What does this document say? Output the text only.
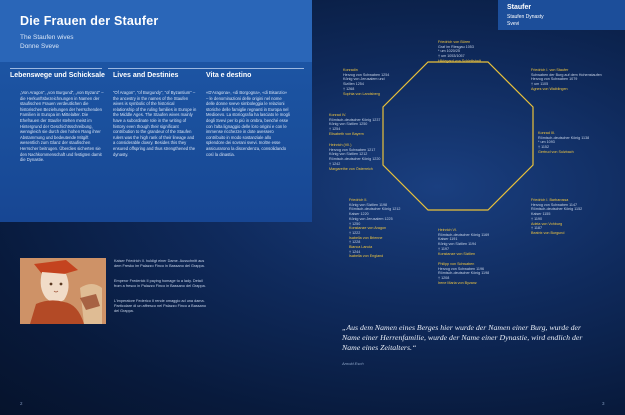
Die Frauen der Staufer
The Staufen wives
Donne Sveve
Lebenswege und Schicksale Lives and Destinies	Vita e destino
„Von Aragon“, „von Burgund“, „von Byzanz“ – die Herkunftsbezeichnungen in Namen der staufischen Frauen verdeutlichen die historischen Beziehungen der herrschenden Familien in Europa im Mittelalter. Die Ehefrauen der Staufer stehen meist im Hintergrund der Geschichtsschreibung, wenngleich sie durch den hohen Rang ihrer Abstammung und bedeutende Mitgift wesentlich zum Glanz der staufischen Herrscher beitrugen. Überdies sicherten sie den Nachkommenschaft und festigten damit die Dynastie.
“Of Aragon”, “of Burgundy”, “of Byzantium” – the ancestry in the names of the Staufen wives is symbolic of the historical relationship of the ruling families in Europe in the Middle Ages. The Staufen wives mainly have a subordinate role in the writing of history even though their significant contribution to the grandeur of the Staufen rulers was the high rank of their lineage and a considerable dowry. Besides this they ensured offspring and thus strengthened the dynasty.
«D'Aragona», «di Borgogna», «di Bisanzio» – le denominazioni delle origini nel nome delle donne sveve simboleggia le relazioni storiche delle famiglie regnanti in Europa nel Medioevo. La storiografia ha lasciato le mogli degli Svevi per lo più in ombra, benché esse con l'alta lignaggio delle loro origini e con le immense ricchezze in dote avessero contribuito in modo sostanziale allo splendore dei sovrani svevi. Inoltre esse assicurarono la discendenza, consolidando così la dinastia.
Kaiser Friedrich II. huldigt einer Dame. Ausschnitt aus dem Fresko im Palazzo Finco in Bassano del Grappa.
Emperor Frederick II paying homage to a lady. Detail from a fresco in Palazzo Finco in Bassano del Grappa.
L'imperatore Federico II rende omaggio ad una dama. Particolare di un affresco nel Palazzo Finco a Bassano del Grappa.
2	3
Staufer
Staufen Dynasty
Svevi
Friedrich von Büren
Graf im Riesgau 1053
* um 1020/25
† um 1053/1057
Hildegard von Schlettstadt
Konradin
Herzog von Schwaben 1254
König von Jerusalem und
Sizilien 1254
† 1268
Sophia von Landsberg
Friedrich I. von Staufer
Schwaben der Burg auf dem Hohenstaufen
Herzog von Schwaben 1079
† um 1105
Agnes von Waiblingen
Konrad IV.
Römisch-deutscher König 1237
König von Sizilien 1250
† 1254
Elisabeth von Bayern	Konrad III.
Römisch-deutscher König 1138
* um 1093
† 1152
Gertrud von Sulzbach
Heinrich (VII.)
Herzog von Schwaben 1217
König von Sizilien 1212
Römisch-deutscher König 1220
† 1242
Margarethe von Österreich
Friedrich II.
König von Sizilien 1198
Römisch-deutscher König 1212
Kaiser 1220
König von Jerusalem 1225
† 1250
Konstanze von Aragon
† 1222
Isabella von Brienne
† 1228
Bianca Lancia
† 1244
Isabella von England
Heinrich VI.
Römisch-deutscher König 1169
Kaiser 1191
König von Sizilien 1194
† 1197
Konstanze von Sizilien
Friedrich I. Barbarossa
Herzog von Schwaben 1147
Römisch-deutscher König 1152
Kaiser 1155
† 1190
Adela von Vohburg
† 1187
Beatrix von Burgund
Philipp von Schwaben
Herzog von Schwaben 1196
Römisch-deutscher König 1198
† 1208
Irene Maria von Byzanz

„Aus dem Namen eines Berges hier wurde der Namen einer Burg, wurde der Name einer Herrenfamilie, wurde der Name einer Dynastie, wird endlich der Name eines Zeitalters.“

Arnold Esch
